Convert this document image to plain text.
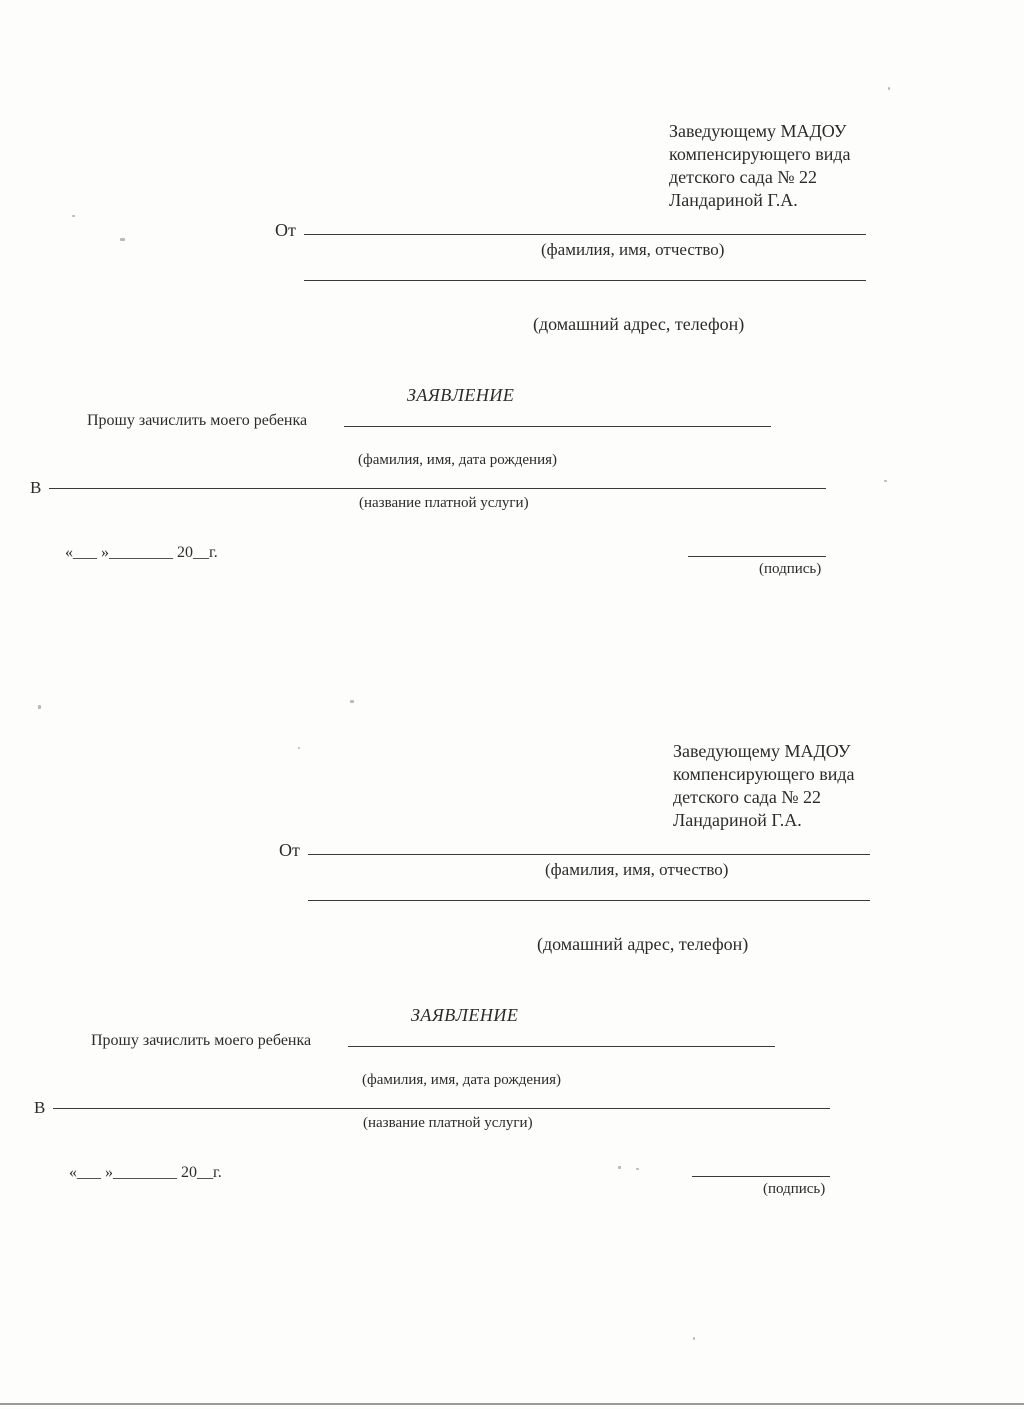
Заведующему МАДОУ
компенсирующего вида
детского сада № 22
Ландариной Г.А.
От
(фамилия, имя, отчество)
(домашний адрес, телефон)
ЗАЯВЛЕНИЕ
Прошу зачислить моего ребенка
(фамилия, имя, дата рождения)
В
(название платной услуги)
«___ »________ 20__г.
(подпись)
Заведующему МАДОУ
компенсирующего вида
детского сада № 22
Ландариной Г.А.
От
(фамилия, имя, отчество)
(домашний адрес, телефон)
ЗАЯВЛЕНИЕ
Прошу зачислить моего ребенка
(фамилия, имя, дата рождения)
В
(название платной услуги)
«___ »________ 20__г.
(подпись)
